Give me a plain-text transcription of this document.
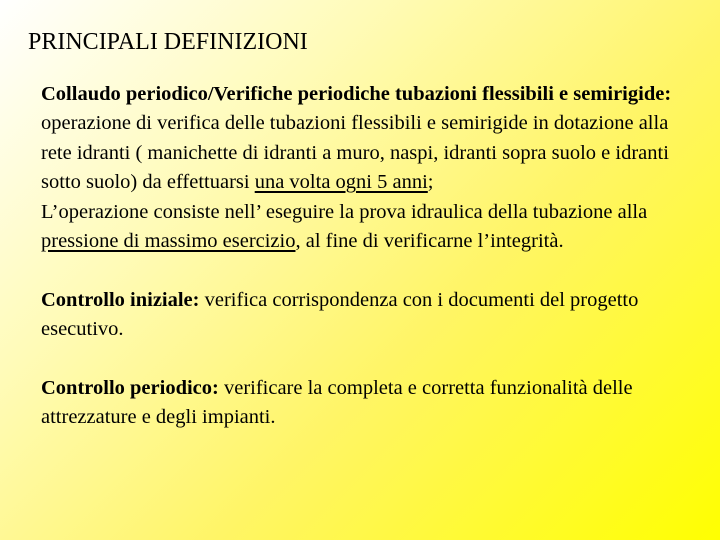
PRINCIPALI DEFINIZIONI

Collaudo periodico/Verifiche periodiche tubazioni flessibili e semirigide: operazione di verifica delle tubazioni flessibili e semirigide in dotazione alla rete idranti ( manichette di idranti a muro, naspi, idranti sopra suolo e idranti sotto suolo) da effettuarsi una volta ogni 5 anni;

L’operazione consiste nell’ eseguire la prova idraulica della tubazione alla pressione di massimo esercizio, al fine di verificarne l’integrità.

Controllo iniziale: verifica corrispondenza con i documenti del progetto esecutivo.

Controllo periodico: verificare la completa e corretta funzionalità delle attrezzature e degli impianti.
